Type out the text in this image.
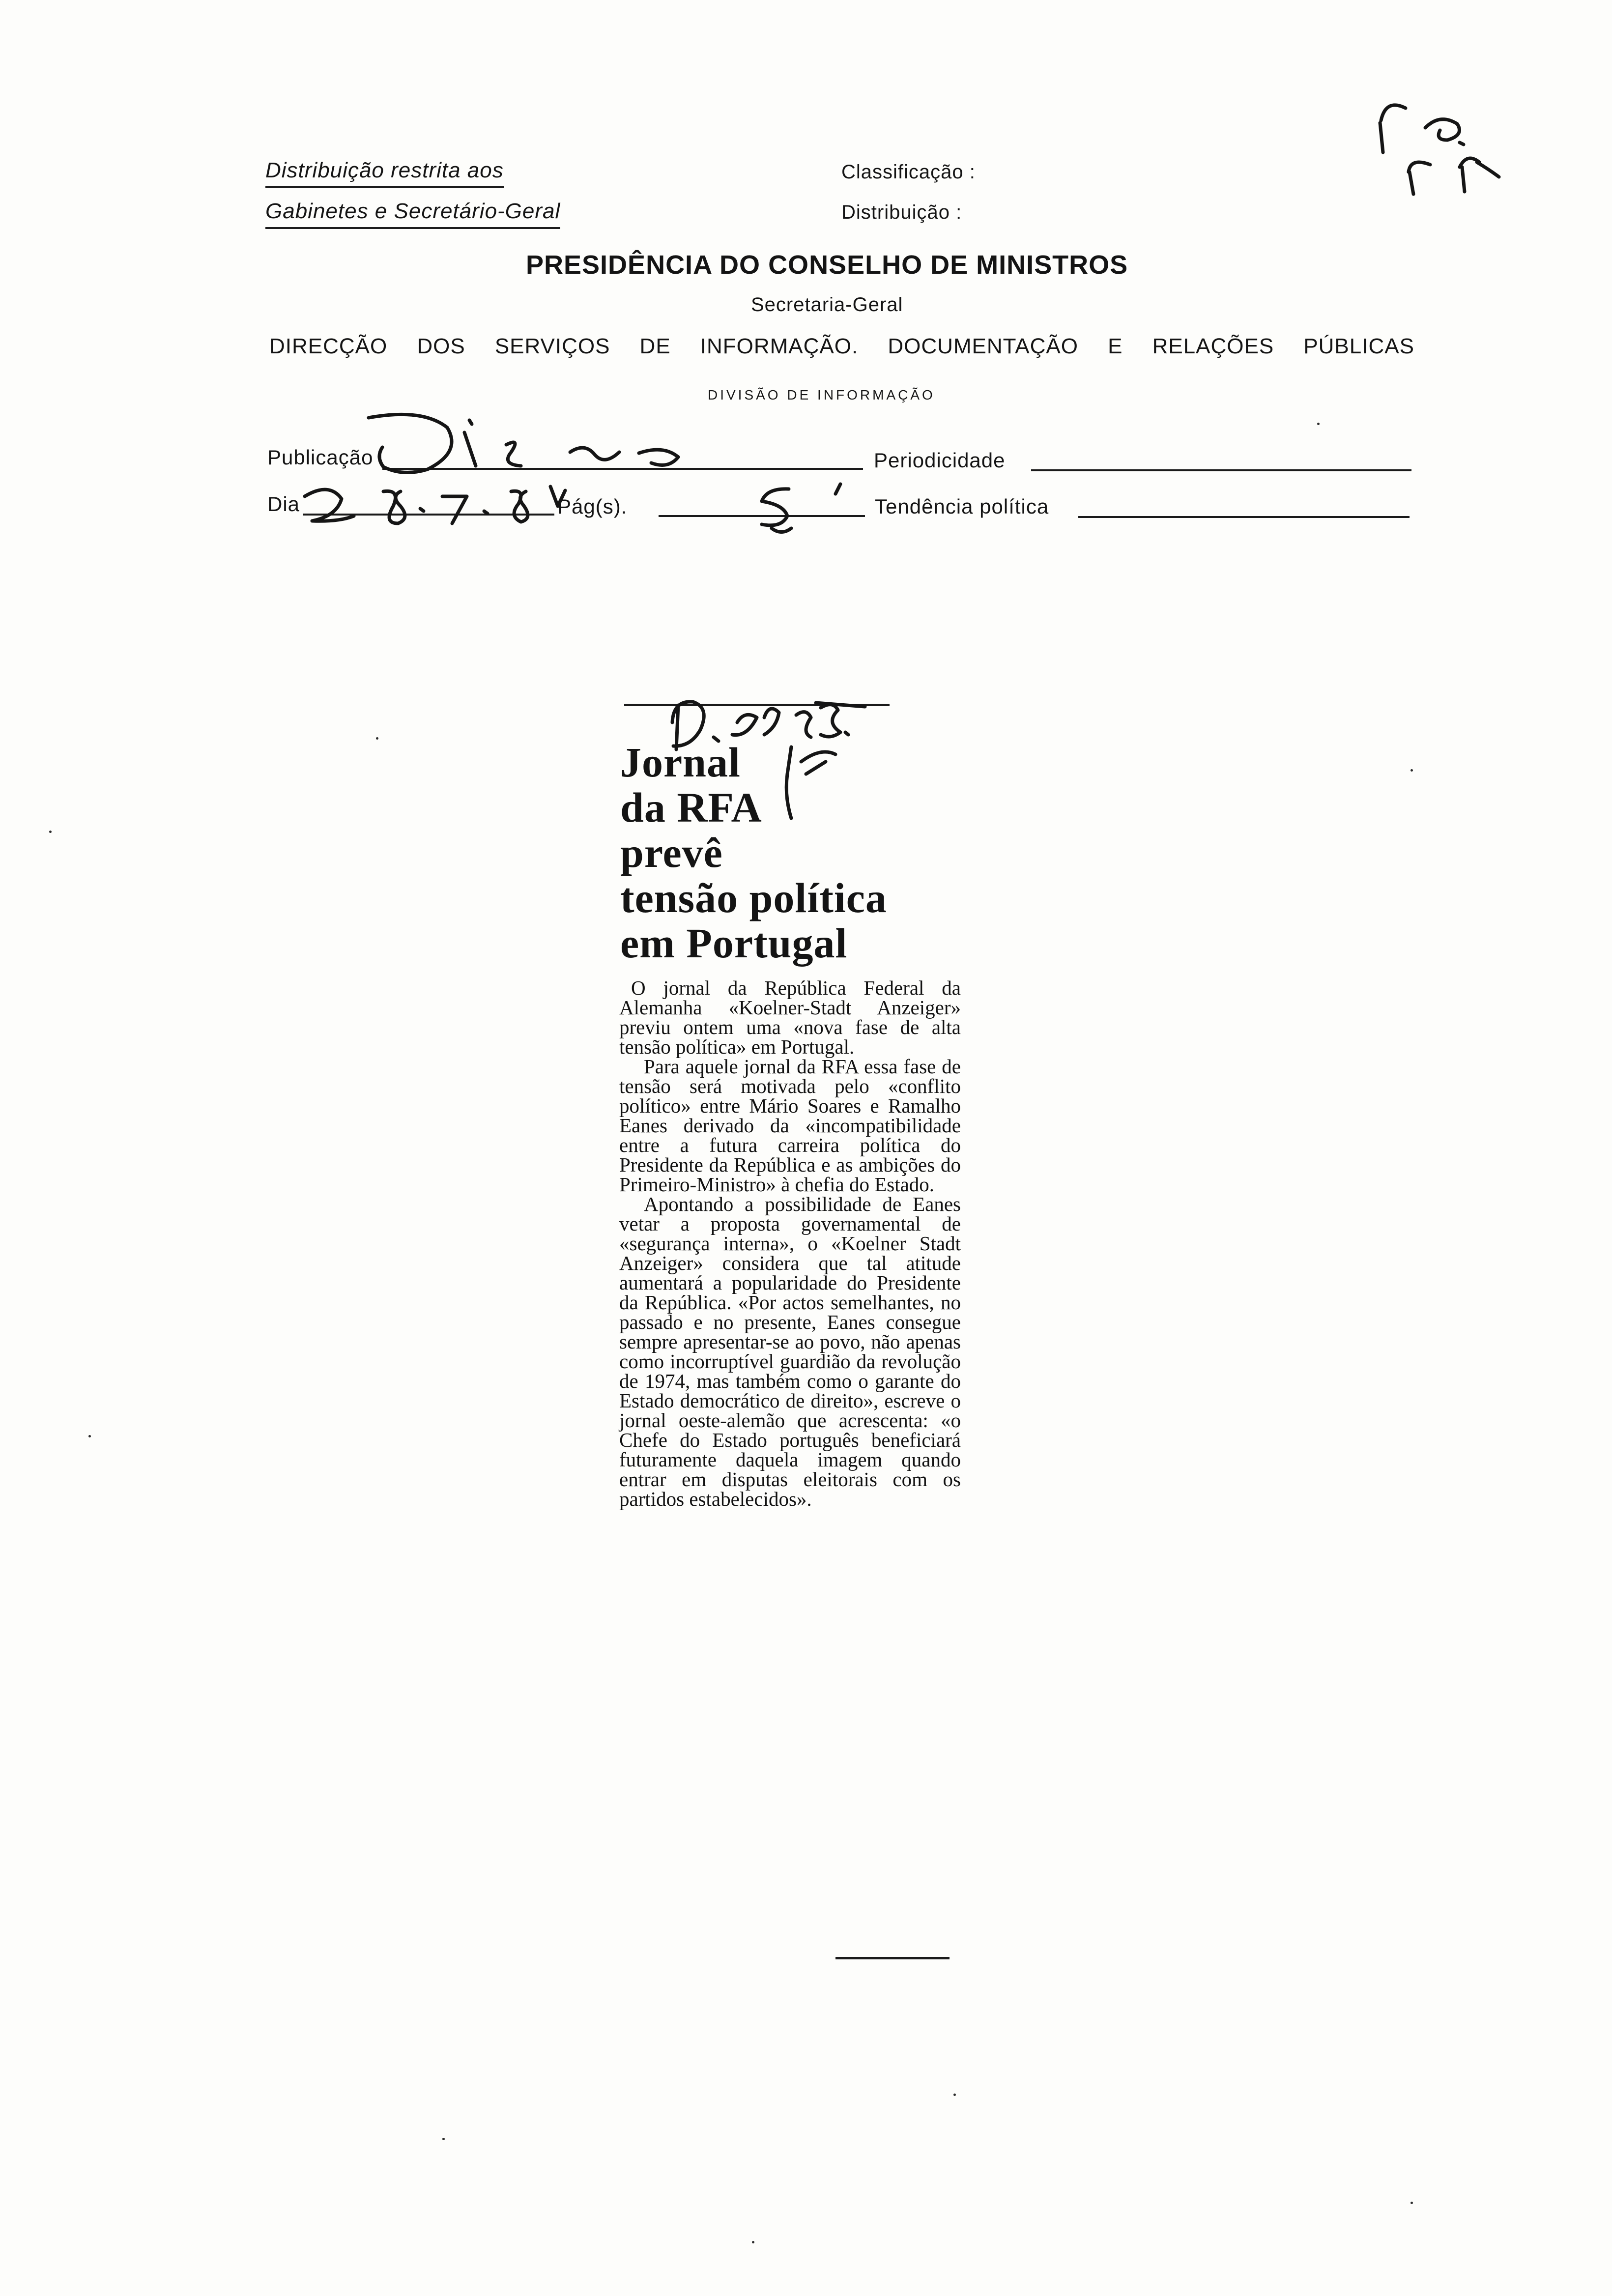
Distribuição restrita aos
Gabinetes e Secretário-Geral
Classificação :
Distribuição :
PRESIDÊNCIA DO CONSELHO DE MINISTROS
Secretaria-Geral
DIRECÇÃO DOS SERVIÇOS DE INFORMAÇÃO. DOCUMENTAÇÃO E RELAÇÕES PÚBLICAS
DIVISÃO DE INFORMAÇÃO
Publicação	Periodicidade
Dia	Pág(s).	Tendência política
Jornal
da RFA
prevê
tensão política
em Portugal

O jornal da República Federal da Alemanha «Koelner-Stadt Anzeiger» previu ontem uma «nova fase de alta tensão política» em Portugal.

Para aquele jornal da RFA essa fase de tensão será motivada pelo «conflito político» entre Mário Soares e Ramalho Eanes derivado da «incompatibilidade entre a futura carreira política do Presidente da República e as ambições do Primeiro-Ministro» à chefia do Estado.

Apontando a possibilidade de Eanes vetar a proposta governamental de «segurança interna», o «Koelner Stadt Anzeiger» considera que tal atitude aumentará a popularidade do Presidente da República. «Por actos semelhantes, no passado e no presente, Eanes consegue sempre apresentar-se ao povo, não apenas como incorruptível guardião da revolução de 1974, mas também como o garante do Estado democrático de direito», escreve o jornal oeste-alemão que acrescenta: «o Chefe do Estado português beneficiará futuramente daquela imagem quando entrar em disputas eleitorais com os partidos estabelecidos».
